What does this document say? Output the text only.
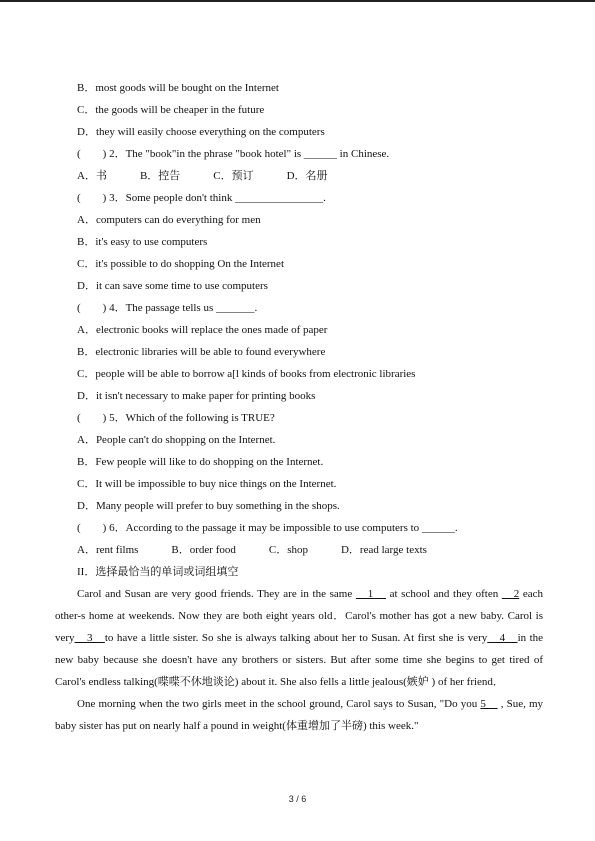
B．most goods will be bought on the Internet
C．the goods will be cheaper in the future
D．they will easily choose everything on the computers
(　　) 2．The "book"in the phrase "book hotel" is ______ in Chinese.
A．书　　　B．控告　　　C．预订　　　D．名册
(　　) 3．Some people don't think ________________.
A．computers can do everything for men
B．it's easy to use computers
C．it's possible to do shopping On the Internet
D．it can save some time to use computers
(　　) 4．The passage tells us _______.
A．electronic books will replace the ones made of paper
B．electronic libraries will be able to found everywhere
C．people will be able to borrow a[l kinds of books from electronic libraries
D．it isn't necessary to make paper for printing books
(　　) 5．Which of the following is TRUE?
A．People can't do shopping on the Internet.
B．Few people will like to do shopping on the Internet.
C．It will be impossible to buy nice things on the Internet.
D．Many people will prefer to buy something in the shops.
(　　) 6．According to the passage it may be impossible to use computers to ______.
A．rent films　　　B．order food　　　C．shop　　　D．read large texts
II．选择最恰当的单词或词组填空

Carol and Susan are very good friends. They are in the same 　1　 at school and they often 　2 each other-s home at weekends. Now they are both eight years old．Carol's mother has got a new baby. Carol is very　3　to have a little sister. So she is always talking about her to Susan. At first she is very　4　in the new baby because she doesn't have any brothers or sisters. But after some time she begins to get tired of Carol's endless talking(喋喋不休地谈论) about it. She also fells a little jealous(嫉妒 ) of her friend．

One morning when the two girls meet in the school ground, Carol says to Susan, "Do you 5　 , Sue, my baby sister has put on nearly half a pound in weight(体重增加了半磅) this week."

3 / 6
